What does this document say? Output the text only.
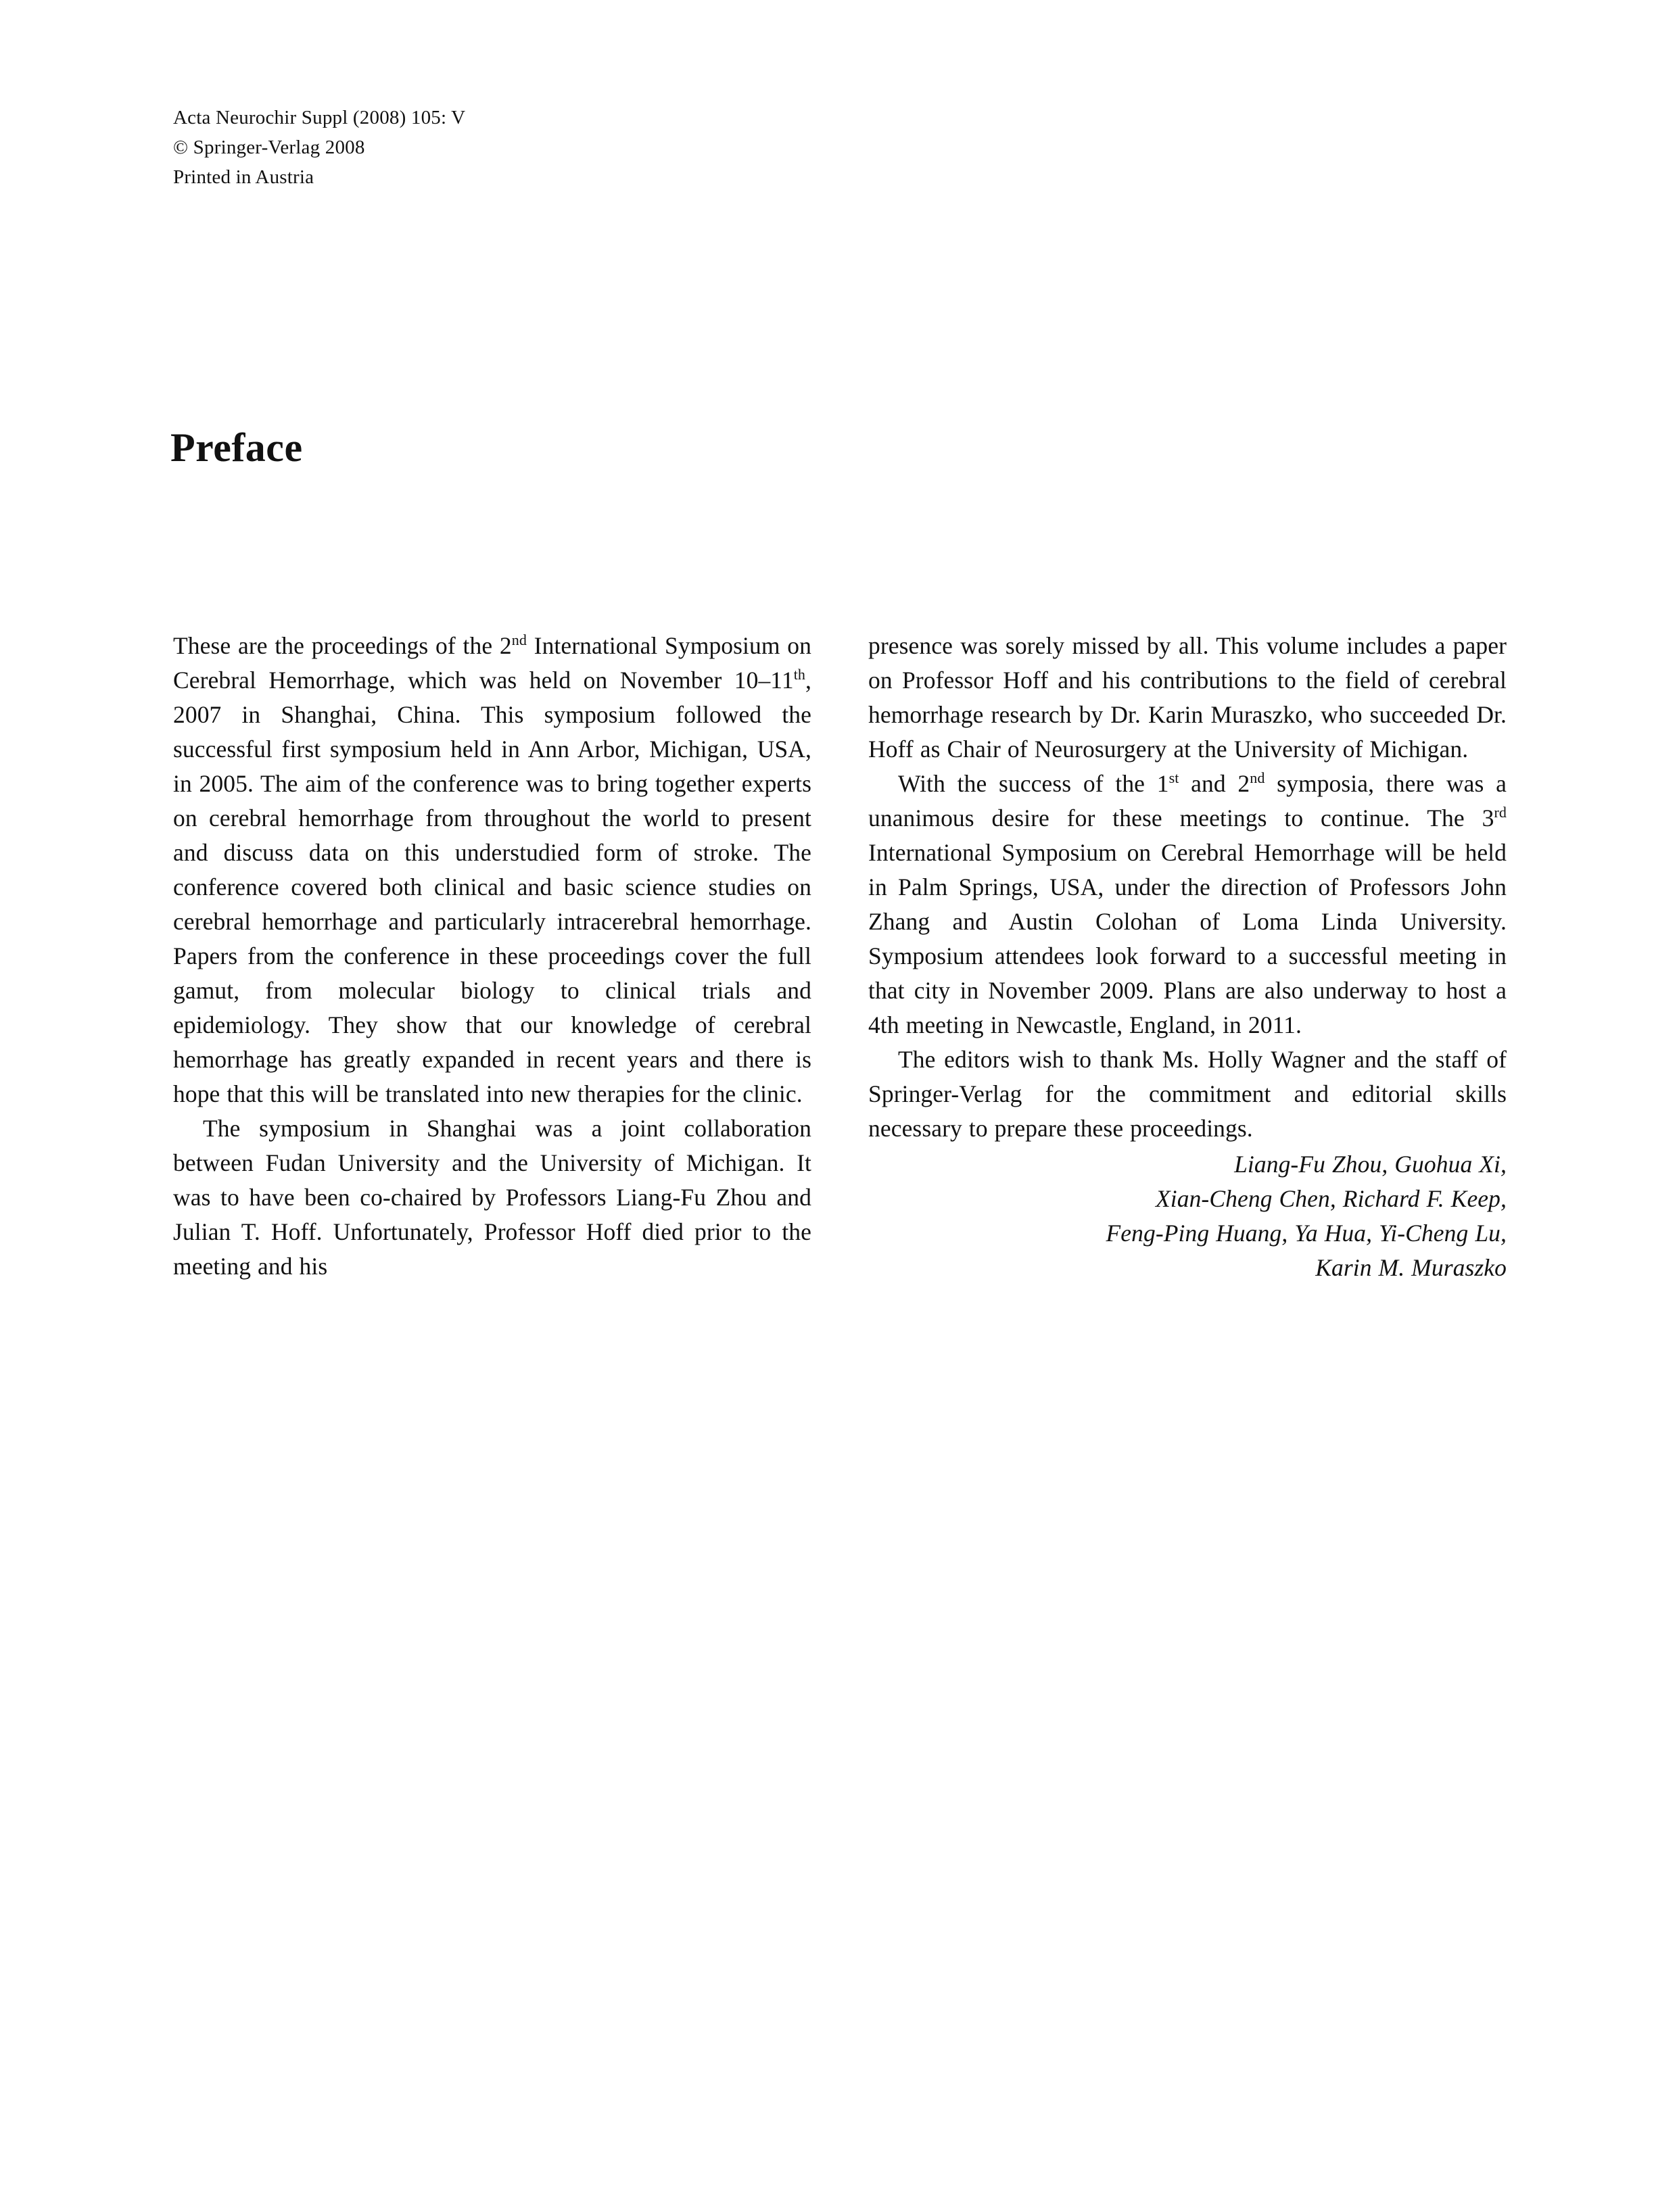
Acta Neurochir Suppl (2008) 105: V
© Springer-Verlag 2008
Printed in Austria
Preface

These are the proceedings of the 2nd International Symposium on Cerebral Hemorrhage, which was held on November 10–11th, 2007 in Shanghai, China. This symposium followed the successful first symposium held in Ann Arbor, Michigan, USA, in 2005. The aim of the conference was to bring together experts on cerebral hemorrhage from throughout the world to present and discuss data on this understudied form of stroke. The conference covered both clinical and basic science studies on cerebral hemorrhage and particularly intracerebral hemorrhage. Papers from the conference in these proceedings cover the full gamut, from molecular biology to clinical trials and epidemiology. They show that our knowledge of cerebral hemorrhage has greatly expanded in recent years and there is hope that this will be translated into new therapies for the clinic.

The symposium in Shanghai was a joint collaboration between Fudan University and the University of Michigan. It was to have been co-chaired by Professors Liang-Fu Zhou and Julian T. Hoff. Unfortunately, Professor Hoff died prior to the meeting and his

presence was sorely missed by all. This volume includes a paper on Professor Hoff and his contributions to the field of cerebral hemorrhage research by Dr. Karin Muraszko, who succeeded Dr. Hoff as Chair of Neurosurgery at the University of Michigan.

With the success of the 1st and 2nd symposia, there was a unanimous desire for these meetings to continue. The 3rd International Symposium on Cerebral Hemorrhage will be held in Palm Springs, USA, under the direction of Professors John Zhang and Austin Colohan of Loma Linda University. Symposium attendees look forward to a successful meeting in that city in November 2009. Plans are also underway to host a 4th meeting in Newcastle, England, in 2011.

The editors wish to thank Ms. Holly Wagner and the staff of Springer-Verlag for the commitment and editorial skills necessary to prepare these proceedings.

Liang-Fu Zhou, Guohua Xi,
Xian-Cheng Chen, Richard F. Keep,
Feng-Ping Huang, Ya Hua, Yi-Cheng Lu,
Karin M. Muraszko
